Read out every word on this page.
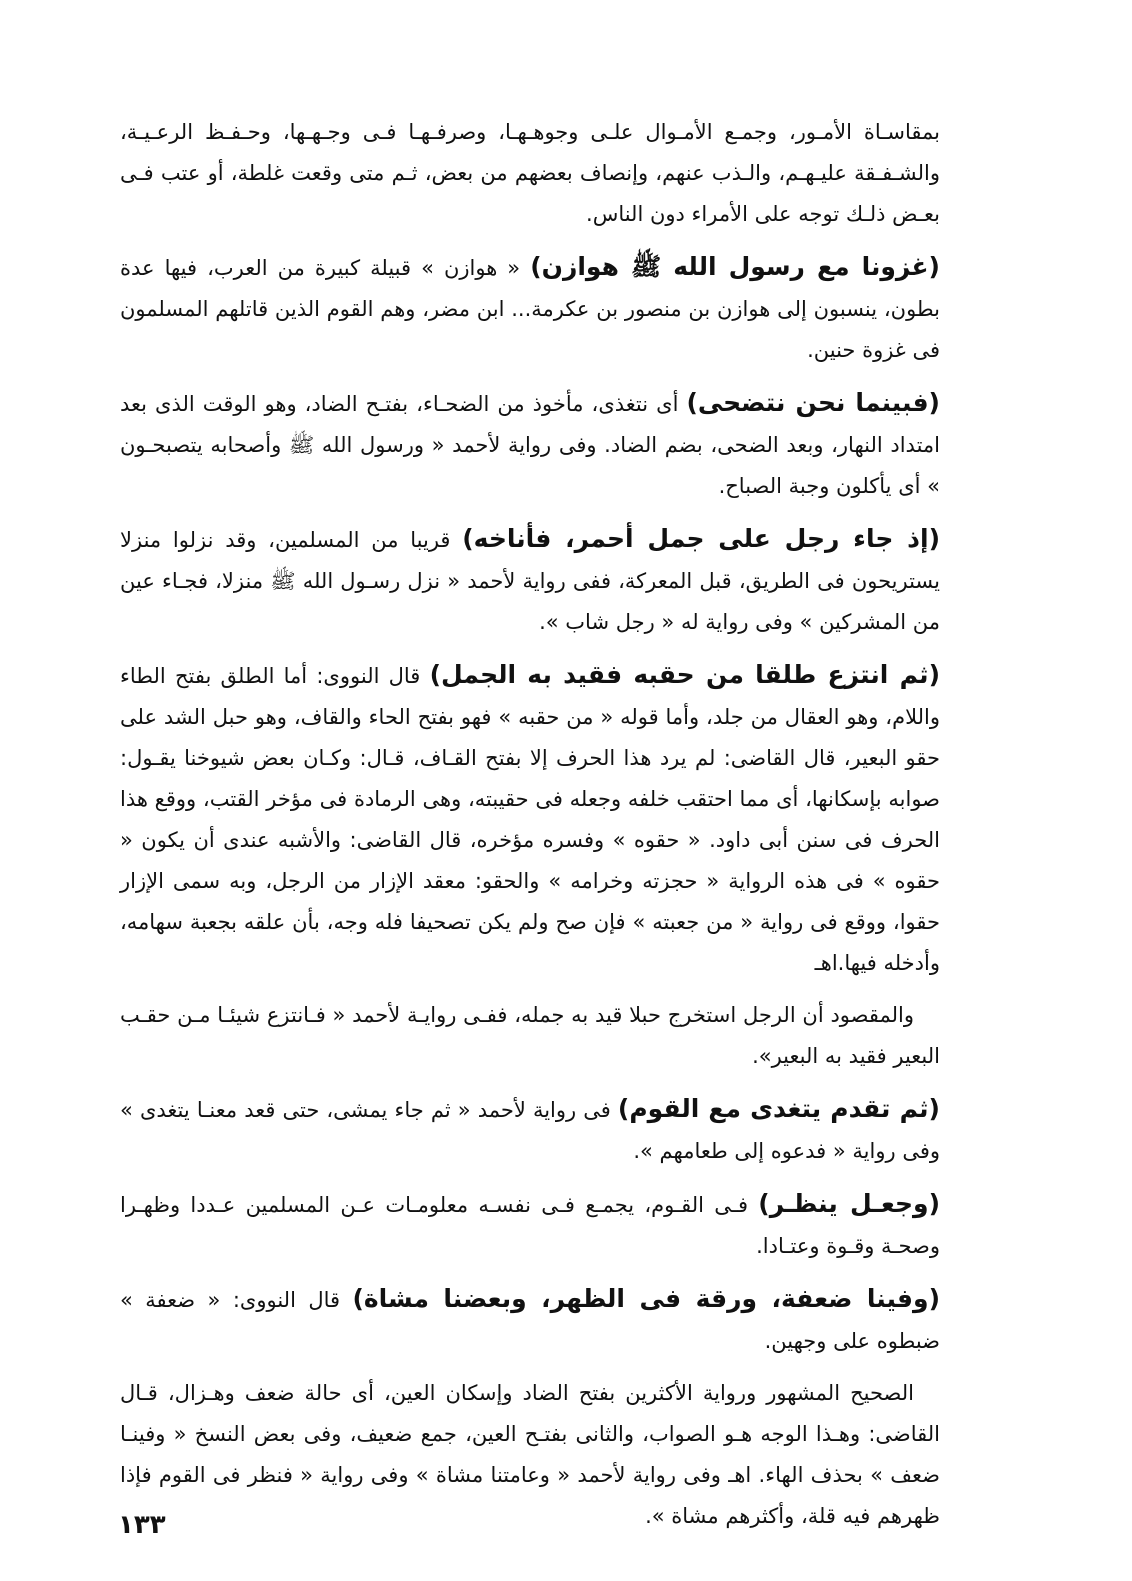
بمقاسـاة الأمـور، وجمـع الأمـوال علـى وجوهـهـا، وصرفـهـا فـى وجـهـها، وحـفـظ الرعـيـة، والشـفـقة عليـهـم، والـذب عنهم، وإنصاف بعضهم من بعض، ثـم متى وقعت غلطة، أو عتب فـى بعـض ذلـك توجه على الأمراء دون الناس.

(غزونا مع رسول الله ﷺ هوازن) « هوازن » قبيلة كبيرة من العرب، فيها عدة بطون، ينسبون إلى هوازن بن منصور بن عكرمة... ابن مضر، وهم القوم الذين قاتلهم المسلمون فى غزوة حنين.

(فبينما نحن نتضحى) أى نتغذى، مأخوذ من الضحـاء، بفتـح الضاد، وهو الوقت الذى بعد امتداد النهار، وبعد الضحى، بضم الضاد. وفى رواية لأحمد « ورسول الله ﷺ وأصحابه يتصبحـون » أى يأكلون وجبة الصباح.

(إذ جاء رجل على جمل أحمر، فأناخه) قريبا من المسلمين، وقد نزلوا منزلا يستريحون فى الطريق، قبل المعركة، ففى رواية لأحمد « نزل رسـول الله ﷺ منزلا، فجـاء عين من المشركين » وفى رواية له « رجل شاب ».

(ثم انتزع طلقا من حقبه فقيد به الجمل) قال النووى: أما الطلق بفتح الطاء واللام، وهو العقال من جلد، وأما قوله « من حقبه » فهو بفتح الحاء والقاف، وهو حبل الشد على حقو البعير، قال القاضى: لم يرد هذا الحرف إلا بفتح القـاف، قـال: وكـان بعض شيوخنا يقـول: صوابه بإسكانها، أى مما احتقب خلفه وجعله فى حقيبته، وهى الرمادة فى مؤخر القتب، ووقع هذا الحرف فى سنن أبى داود. « حقوه » وفسره مؤخره، قال القاضى: والأشبه عندى أن يكون « حقوه » فى هذه الرواية « حجزته وخرامه » والحقو: معقد الإزار من الرجل، وبه سمى الإزار حقوا، ووقع فى رواية « من جعبته » فإن صح ولم يكن تصحيفا فله وجه، بأن علقه بجعبة سهامه، وأدخله فيها.اهـ

والمقصود أن الرجل استخرج حبلا قيد به جمله، ففـى روايـة لأحمد « فـانتزع شيئـا مـن حقـب البعير فقيد به البعير».

(ثم تقدم يتغدى مع القوم) فى رواية لأحمد « ثم جاء يمشى، حتى قعد معنـا يتغدى » وفى رواية « فدعوه إلى طعامهم ».

(وجعـل ينظـر) فـى القـوم، يجمـع فـى نفسـه معلومـات عـن المسلمين عـددا وظهـرا وصحـة وقـوة وعتـادا.

(وفينا ضعفة، ورقة فى الظهر، وبعضنا مشاة) قال النووى: « ضعفة » ضبطوه على وجهين.

الصحيح المشهور ورواية الأكثرين بفتح الضاد وإسكان العين، أى حالة ضعف وهـزال، قـال القاضى: وهـذا الوجه هـو الصواب، والثانى بفتـح العين، جمع ضعيف، وفى بعض النسخ « وفينـا ضعف » بحذف الهاء. اهـ وفى رواية لأحمد « وعامتنا مشاة » وفى رواية « فنظر فى القوم فإذا ظهرهم فيه قلة، وأكثرهم مشاة ».

١٣٣
